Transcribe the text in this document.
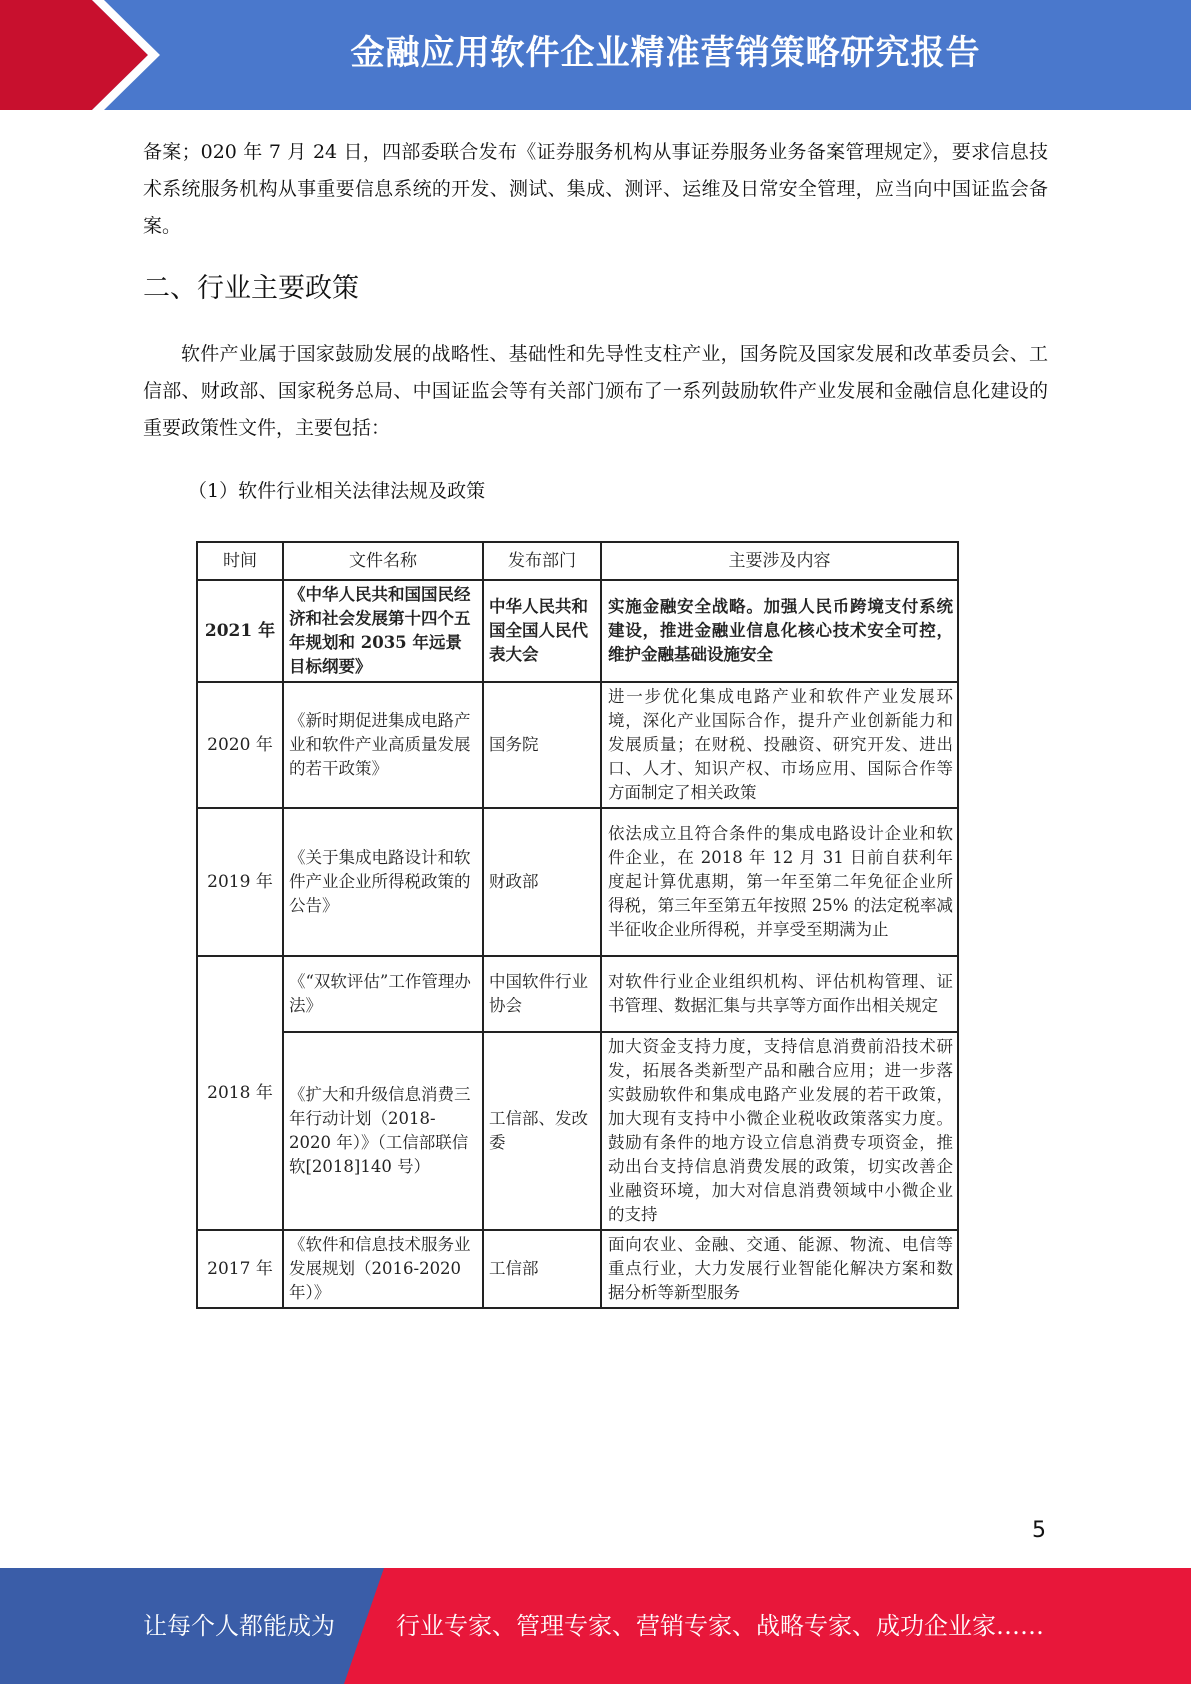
金融应用软件企业精准营销策略研究报告
备案；020 年 7 月 24 日，四部委联合发布《证券服务机构从事证券服务业务备案管理规定》，要求信息技术系统服务机构从事重要信息系统的开发、测试、集成、测评、运维及日常安全管理，应当向中国证监会备案。
二、行业主要政策
软件产业属于国家鼓励发展的战略性、基础性和先导性支柱产业，国务院及国家发展和改革委员会、工信部、财政部、国家税务总局、中国证监会等有关部门颁布了一系列鼓励软件产业发展和金融信息化建设的重要政策性文件，主要包括：
（1）软件行业相关法律法规及政策
时间	文件名称	发布部门	主要涉及内容
2021 年	《中华人民共和国国民经济和社会发展第十四个五年规划和 2035 年远景目标纲要》	中华人民共和国全国人民代表大会	实施金融安全战略。加强人民币跨境支付系统建设，推进金融业信息化核心技术安全可控，维护金融基础设施安全
2020 年	《新时期促进集成电路产业和软件产业高质量发展的若干政策》	国务院	进一步优化集成电路产业和软件产业发展环境，深化产业国际合作，提升产业创新能力和发展质量；在财税、投融资、研究开发、进出口、人才、知识产权、市场应用、国际合作等方面制定了相关政策
2019 年	《关于集成电路设计和软件产业企业所得税政策的公告》	财政部	依法成立且符合条件的集成电路设计企业和软件企业，在 2018 年 12 月 31 日前自获利年度起计算优惠期，第一年至第二年免征企业所得税，第三年至第五年按照 25% 的法定税率减半征收企业所得税，并享受至期满为止
2018 年	《“双软评估”工作管理办法》	中国软件行业协会	对软件行业企业组织机构、评估机构管理、证书管理、数据汇集与共享等方面作出相关规定
	《扩大和升级信息消费三年行动计划（2018-2020 年）》（工信部联信软[2018]140 号）	工信部、发改委	加大资金支持力度，支持信息消费前沿技术研发，拓展各类新型产品和融合应用；进一步落实鼓励软件和集成电路产业发展的若干政策，加大现有支持中小微企业税收政策落实力度。鼓励有条件的地方设立信息消费专项资金，推动出台支持信息消费发展的政策，切实改善企业融资环境，加大对信息消费领域中小微企业的支持
2017 年	《软件和信息技术服务业发展规划（2016-2020 年）》	工信部	面向农业、金融、交通、能源、物流、电信等重点行业，大力发展行业智能化解决方案和数据分析等新型服务
5
让每个人都能成为	行业专家、管理专家、营销专家、战略专家、成功企业家……
